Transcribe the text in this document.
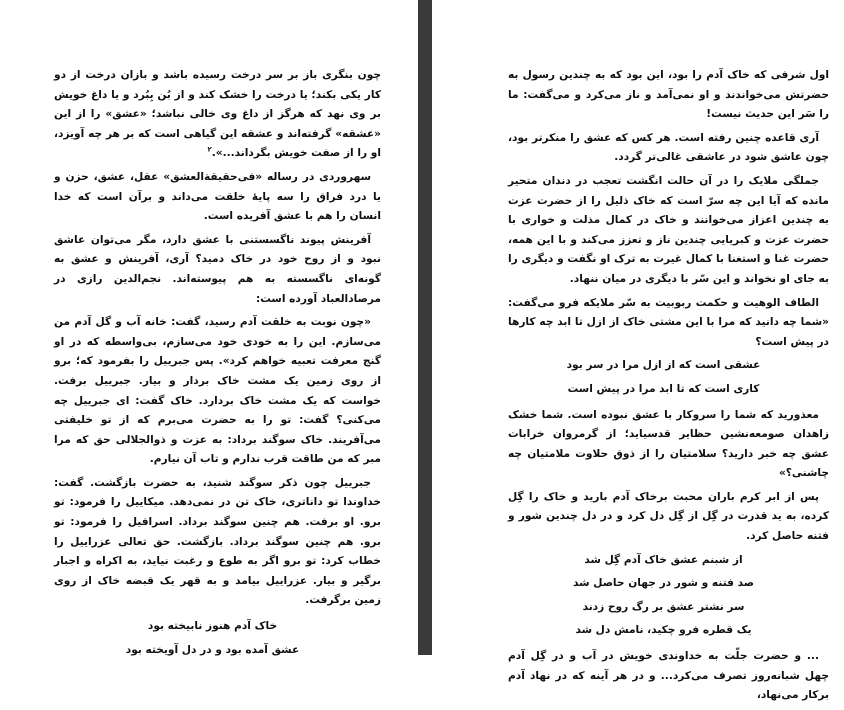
چون بنگری باز بر سر درخت رسیده باشد و بازان درخت از دو کار یکی بکند؛ یا درخت را خشک کند و از بُن بِبُرد و یا داغ خویش بر وی نهد که هرگز از داغ وی خالی نباشد؛ «عشق» را از این «عشقه» گرفته‌اند و عشقه این گیاهی است که بر هر چه آویزد، او را از صفت خویش بگرداند...».$^۲$

سهروردی در رساله «فی‌حقیقةالعشق» عقل، عشق، حزن و یا درد فراق را سه پایهٔ خلقت می‌داند و برآن است که خدا انسان را هم با عشق آفریده است.

آفرینش پیوند ناگسستنی با عشق دارد، مگر می‌توان عاشق نبود و از روح خود در خاک دمید؟ آری، آفرینش و عشق به گونه‌ای ناگسسته به هم پیوسته‌اند. نجم‌الدین رازی در مرصادالعباد آورده است:

«چون نوبت به خلقت آدم رسید، گفت: خانه آب و گل آدم من می‌سازم. این را به خودی خود می‌سازم، بی‌واسطه که در او گنج معرفت تعبیه خواهم کرد». پس جبرییل را بفرمود که؛ برو از روی زمین یک مشت خاک بردار و بیار. جبرییل برفت. خواست که یک مشت خاک بردارد. خاک گفت: ای جبرییل چه می‌کنی؟ گفت: تو را به حضرت می‌برم که از تو خلیفتی می‌آفریند. خاک سوگند برداد: به عزت و ذوالجلالی حق که مرا مبر که من طاقت قرب ندارم و تاب آن نیارم.

جبرییل چون ذکر سوگند شنید، به حضرت بازگشت. گفت: خداوندا تو داناتری، خاک تن در نمی‌دهد. میکاییل را فرمود: تو برو. او برفت. هم چنین سوگند برداد. اسرافیل را فرمود: تو برو. هم چنین سوگند برداد. بازگشت. حق تعالی عزراییل را خطاب کرد: تو برو اگر به طوع و رغبت نیاید، به اکراه و اجبار برگیر و بیار. عزراییل بیامد و به قهر یک قبضه خاک از روی زمین برگرفت.

خاک آدم هنوز نابیخته بود

عشق آمده بود و در دل آویخته بود

اول شرفی که خاک آدم را بود، این بود که به چندین رسول به حضرتش می‌خواندند و او نمی‌آمد و ناز می‌کرد و می‌گفت: ما را سَر این حدیث نیست!

آری قاعده چنین رفته است. هر کس که عشق را منکرتر بود، چون عاشق شود در عاشقی غالی‌تر گردد.

جملگی ملایک را در آن حالت انگشت تعجب در دندان متحیر مانده که آیا این چه سرّ است که خاک ذلیل را از حضرت عزت به چندین اعزاز می‌خوانند و خاک در کمال مذلت و خواری با حضرت عزت و کبریایی چندین ناز و تعزز می‌کند و با این همه، حضرت غنا و استغنا با کمال غیرت به ترک او نگفت و دیگری را به جای او نخواند و این سّر با دیگری در میان ننهاد.

الطاف الوهیت و حکمت ربوبیت به سّر ملایکه فرو می‌گفت: «شما چه دانید که مرا با این مشتی خاک از ازل تا ابد چه کارها در پیش است؟

عشقی است که از ازل مرا در سر بود

کاری است که تا ابد مرا در پیش است

معذورید که شما را سروکار با عشق نبوده است. شما خشک زاهدان صومعه‌نشین حظایر قدسیاید؛ از گرمروان خرابات عشق چه خبر دارید؟ سلامتیان را از ذوق حلاوت ملامتیان چه چاشنی؟»

پس از ابر کرم باران محبت برخاک آدم بارید و خاک را گِل کرده، به ید قدرت در گِل از گِل دل کرد و در دل چندین شور و فتنه حاصل کرد.

از شبنم عشق خاک آدم گِل شد

صد فتنه و شور در جهان حاصل شد

سر نشتر عشق بر رگ روح زدند

یک قطره فرو چکید، نامش دل شد

... و حضرت جلّت به خداوندی خویش در آب و در گِل آدم چهل شبانه‌روز تصرف می‌کرد... و در هر آینه که در نهاد آدم برکار می‌نهاد،
